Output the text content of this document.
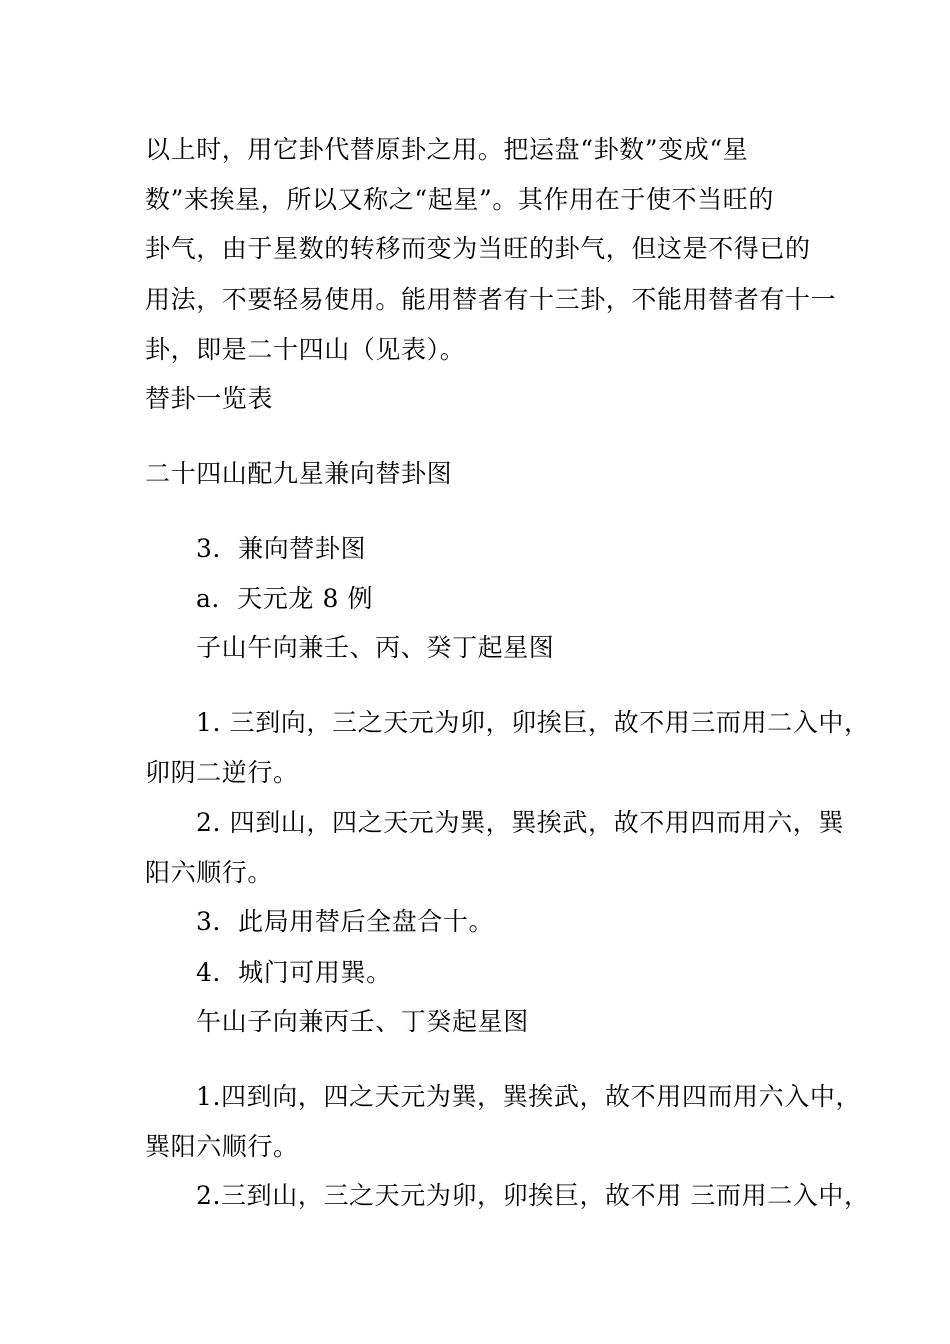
以上时，用它卦代替原卦之用。把运盘“卦数”变成“星
数”来挨星，所以又称之“起星”。其作用在于使不当旺的
卦气，由于星数的转移而变为当旺的卦气，但这是不得已的
用法，不要轻易使用。能用替者有十三卦，不能用替者有十一
卦，即是二十四山（见表）。
替卦一览表
二十四山配九星兼向替卦图
3．兼向替卦图
a．天元龙 8 例
子山午向兼壬、丙、癸丁起星图
1. 三到向，三之天元为卯，卯挨巨，故不用三而用二入中，
卯阴二逆行。
2. 四到山，四之天元为巽，巽挨武，故不用四而用六，巽
阳六顺行。
3．此局用替后全盘合十。
4．城门可用巽。
午山子向兼丙壬、丁癸起星图
1.四到向，四之天元为巽，巽挨武，故不用四而用六入中，
巽阳六顺行。
2.三到山，三之天元为卯，卯挨巨，故不用 三而用二入中，
